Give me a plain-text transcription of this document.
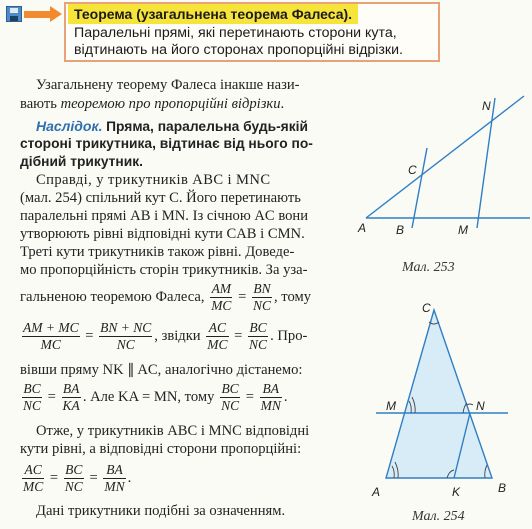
Теорема (узагальнена теорема Фалеса).
Паралельні прямі, які перетинають сторони кута,
відтинають на його сторонах пропорційні відрізки.
Узагальнену теорему Фалеса інакше нази-
вають теоремою про пропорційні відрізки.
Наслідок. Пряма, паралельна будь-якій
стороні трикутника, відтинає від нього по-
дібний трикутник.
Справді, у трикутників ABC і MNC
(мал. 254) спільний кут C. Його перетинають
паралельні прямі AB і MN. Із січною AC вони
утворюють рівні відповідні кути CAB і CMN.
Треті кути трикутників також рівні. Доведе-
мо пропорційність сторін трикутників. За уза-
гальненою теоремою Фалеса, $\frac{AM}{MC} = \frac{BN}{NC}$ , тому
$\frac{AM + MC}{MC} = \frac{BN + NC}{NC}$ , звідки $\frac{AC}{MC} = \frac{BC}{NC}$ . Про-
вівши пряму NK ∥ AC, аналогічно дістанемо:
$\frac{BC}{NC} = \frac{BA}{KA}$ . Але KA = MN, тому $\frac{BC}{NC} = \frac{BA}{MN}$ .
Отже, у трикутників ABC і MNC відповідні
кути рівні, а відповідні сторони пропорційні:
$\frac{AC}{MC} = \frac{BC}{NC} = \frac{BA}{MN}$ .
Дані трикутники подібні за означенням.
A B	M
C
N
Мал. 253
C
M	N
A	K	B
Мал. 254
